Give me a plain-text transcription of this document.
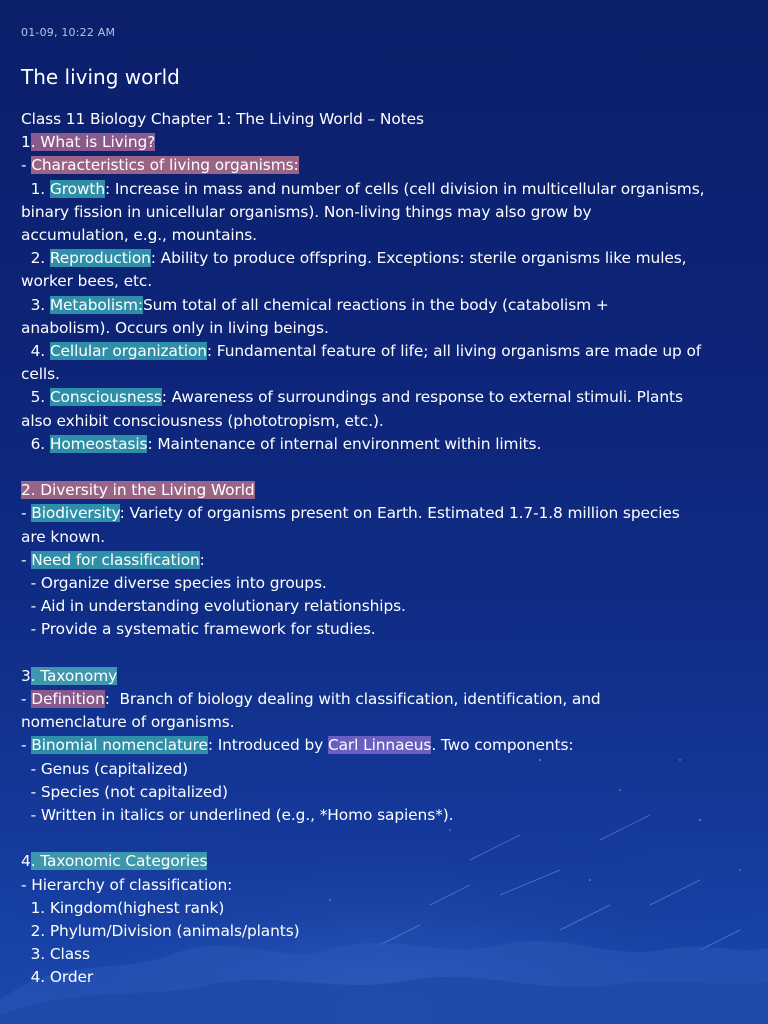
01-09, 10:22 AM
The living world
Class 11 Biology Chapter 1: The Living World – Notes
1. What is Living?
- Characteristics of living organisms:
1. Growth: Increase in mass and number of cells (cell division in multicellular organisms,
binary fission in unicellular organisms). Non-living things may also grow by
accumulation, e.g., mountains.
2. Reproduction: Ability to produce offspring. Exceptions: sterile organisms like mules,
worker bees, etc.
3. Metabolism:Sum total of all chemical reactions in the body (catabolism +
anabolism). Occurs only in living beings.
4. Cellular organization: Fundamental feature of life; all living organisms are made up of
cells.
5. Consciousness: Awareness of surroundings and response to external stimuli. Plants
also exhibit consciousness (phototropism, etc.).
6. Homeostasis: Maintenance of internal environment within limits.
2. Diversity in the Living World
- Biodiversity: Variety of organisms present on Earth. Estimated 1.7-1.8 million species
are known.
- Need for classification:
- Organize diverse species into groups.
- Aid in understanding evolutionary relationships.
- Provide a systematic framework for studies.
3. Taxonomy
- Definition:  Branch of biology dealing with classification, identification, and
nomenclature of organisms.
- Binomial nomenclature: Introduced by Carl Linnaeus. Two components:
- Genus (capitalized)
- Species (not capitalized)
- Written in italics or underlined (e.g., *Homo sapiens*).
4. Taxonomic Categories
- Hierarchy of classification:
1. Kingdom(highest rank)
2. Phylum/Division (animals/plants)
3. Class
4. Order
